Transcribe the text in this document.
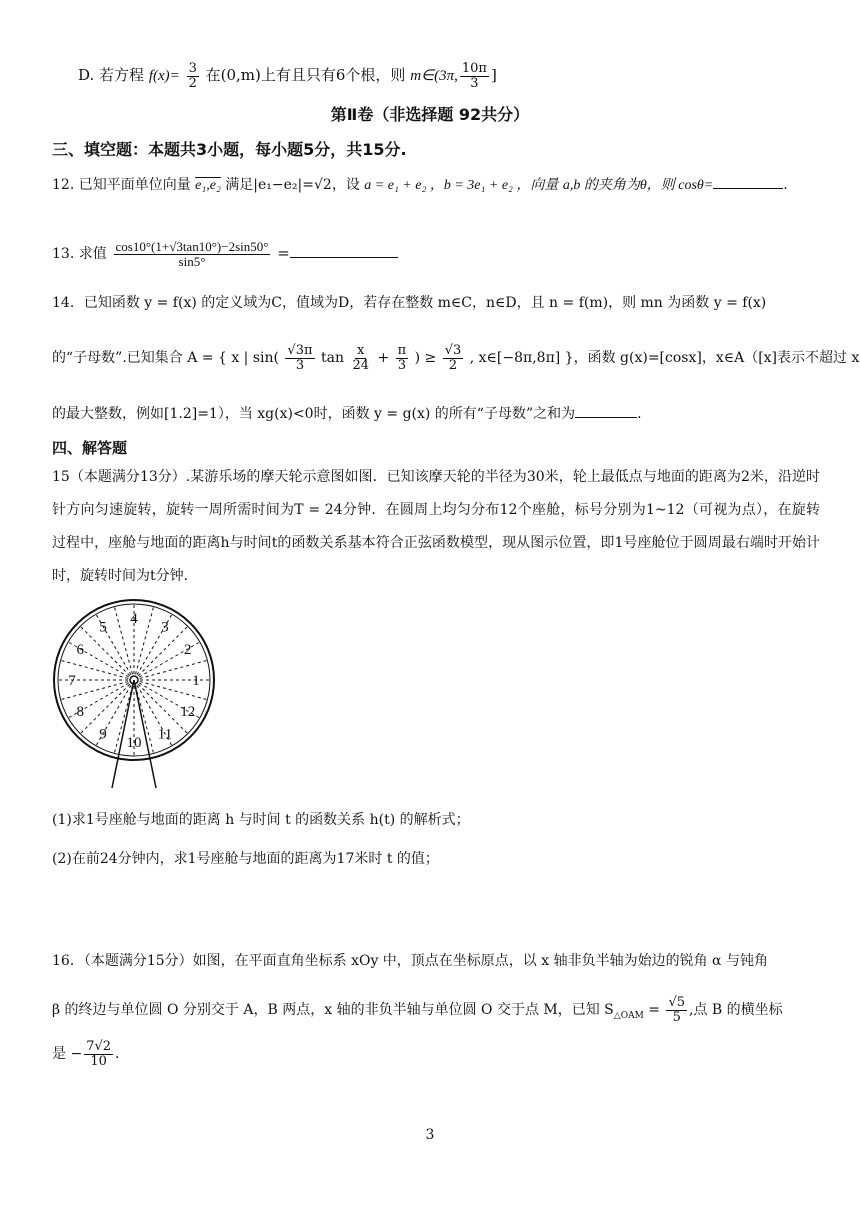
D. 若方程 $f(x)= \frac{3}{2}$ 在(0,m)上有且只有6个根，则 m∈(3π, $\frac{10\pi}{3}$ ]
第Ⅱ卷（非选择题 92共分）
三、填空题：本题共3小题，每小题5分，共15分.
12. 已知平面单位向量 e₁,e₂ 满足|e₁−e₂|=√2，设 a = e₁ + e₂ ，b = 3e₁ + e₂ ，向量 a,b 的夹角为θ，则 cosθ=	.
13. 求值 $\frac{\cos 10^\circ(1+√3\tan 10^\circ)-2\sin 50^\circ}{\sin 5^\circ}$ =
14．已知函数 y = f(x) 的定义域为C，值域为D，若存在整数 m∈C，n∈D，且 n = f(m)，则 mn 为函数 y = f(x)
的“子母数”.已知集合 A = { x | $\sin( \frac{√3\pi}{3}$ $\tan \frac{x}{24} + \frac{\pi}{3}$ ) ≥ $\frac{√3}{2}$ , x∈[−8π,8π] }，函数 g(x)=[cosx]，x∈A（[x]表示不超过 x
的最大整数，例如[1.2]=1），当 xg(x)<0时，函数 y = g(x) 的所有“子母数”之和为	.
四、解答题
15（本题满分13分）.某游乐场的摩天轮示意图如图．已知该摩天轮的半径为30米，轮上最低点与地面的距离为2米，沿逆时针方向匀速旋转，旋转一周所需时间为T = 24分钟．在圆周上均匀分布12个座舱，标号分别为1~12（可视为点），在旋转过程中，座舱与地面的距离h与时间t的函数关系基本符合正弦函数模型，现从图示位置，即1号座舱位于圆周最右端时开始计时，旋转时间为t分钟．
1
2
3
4
5
6
7
8
9
10
11
12
(1)求1号座舱与地面的距离 h 与时间 t 的函数关系 h(t) 的解析式；
(2)在前24分钟内，求1号座舱与地面的距离为17米时 t 的值；
16．（本题满分15分）如图，在平面直角坐标系 xOy 中，顶点在坐标原点，以 x 轴非负半轴为始边的锐角 α 与钝角
β 的终边与单位圆 O 分别交于 A，B 两点，x 轴的非负半轴与单位圆 O 交于点 M，已知 $S_{\triangle OAM} = \frac{√5}{5}$ ,点 B 的横坐标
是 − $\frac{7√2}{10}$ .
3
